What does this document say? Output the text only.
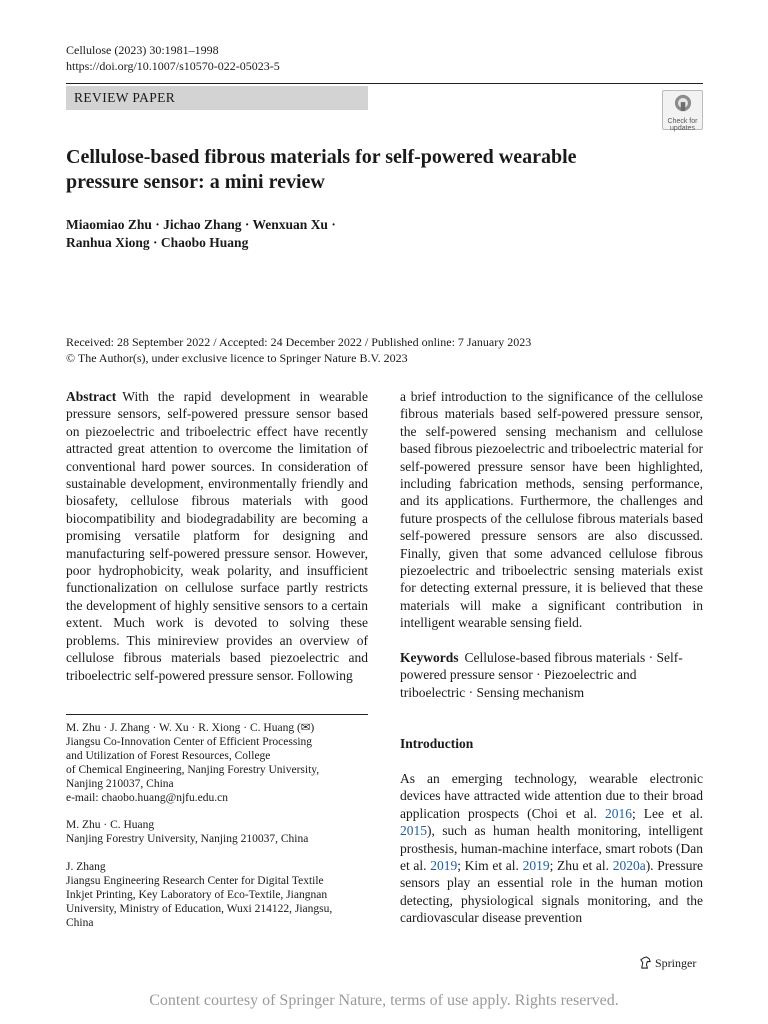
Cellulose (2023) 30:1981–1998
https://doi.org/10.1007/s10570-022-05023-5
REVIEW PAPER
Check for
updates
Cellulose-based fibrous materials for self-powered wearable
pressure sensor: a mini review
Miaomiao Zhu · Jichao Zhang · Wenxuan Xu ·
Ranhua Xiong · Chaobo Huang
Received: 28 September 2022 / Accepted: 24 December 2022 / Published online: 7 January 2023
© The Author(s), under exclusive licence to Springer Nature B.V. 2023
Abstract With the rapid development in wearable pressure sensors, self-powered pressure sensor based on piezoelectric and triboelectric effect have recently attracted great attention to overcome the limitation of conventional hard power sources. In consideration of sustainable development, environmentally friendly and biosafety, cellulose fibrous materials with good biocompatibility and biodegradability are becoming a promising versatile platform for designing and manufacturing self-powered pressure sensor. However, poor hydrophobicity, weak polarity, and insufficient functionalization on cellulose surface partly restricts the development of highly sensitive sensors to a certain extent. Much work is devoted to solving these problems. This minireview provides an overview of cellulose fibrous materials based piezoelectric and triboelectric self-powered pressure sensor. Following
a brief introduction to the significance of the cellulose fibrous materials based self-powered pressure sensor, the self-powered sensing mechanism and cellulose based fibrous piezoelectric and triboelectric material for self-powered pressure sensor have been highlighted, including fabrication methods, sensing performance, and its applications. Furthermore, the challenges and future prospects of the cellulose fibrous materials based self-powered pressure sensors are also discussed. Finally, given that some advanced cellulose fibrous piezoelectric and triboelectric sensing materials exist for detecting external pressure, it is believed that these materials will make a significant contribution in intelligent wearable sensing field.
Keywords Cellulose-based fibrous materials · Self-powered pressure sensor · Piezoelectric and triboelectric · Sensing mechanism
M. Zhu · J. Zhang · W. Xu · R. Xiong · C. Huang (✉)
Jiangsu Co-Innovation Center of Efficient Processing
and Utilization of Forest Resources, College
of Chemical Engineering, Nanjing Forestry University,
Nanjing 210037, China
e-mail: chaobo.huang@njfu.edu.cn
M. Zhu · C. Huang
Nanjing Forestry University, Nanjing 210037, China
J. Zhang
Jiangsu Engineering Research Center for Digital Textile
Inkjet Printing, Key Laboratory of Eco-Textile, Jiangnan
University, Ministry of Education, Wuxi 214122, Jiangsu,
China
Introduction
As an emerging technology, wearable electronic devices have attracted wide attention due to their broad application prospects (Choi et al. 2016; Lee et al. 2015), such as human health monitoring, intelligent prosthesis, human-machine interface, smart robots (Dan et al. 2019; Kim et al. 2019; Zhu et al. 2020a). Pressure sensors play an essential role in the human motion detecting, physiological signals monitoring, and the cardiovascular disease prevention
Springer
Content courtesy of Springer Nature, terms of use apply. Rights reserved.
